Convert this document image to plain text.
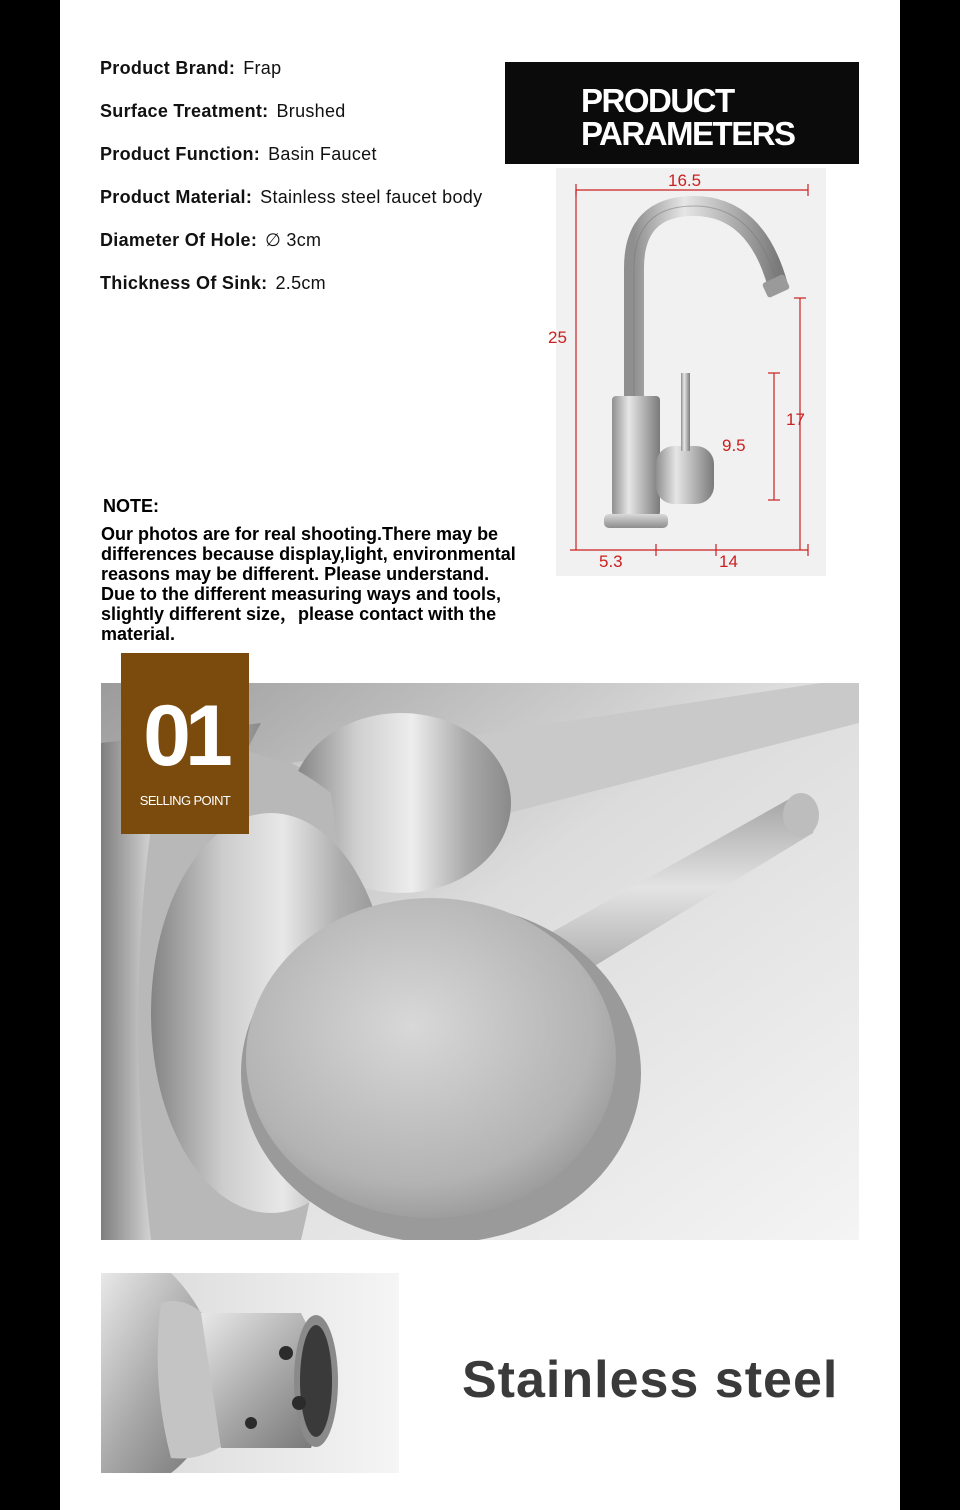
Product Brand: Frap
Surface Treatment: Brushed
Product Function: Basin Faucet
Product Material: Stainless steel faucet body
Diameter Of Hole: ∅ 3cm
Thickness Of Sink: 2.5cm
PRODUCT
PARAMETERS
16.5
25
17
9.5
5.3	14
NOTE:
Our photos are for real shooting.There may be
differences because display,light, environmental
reasons may be different. Please understand.
Due to the different measuring ways and tools,
slightly different size，please contact with the
material.
01
SELLING POINT
Stainless steel
